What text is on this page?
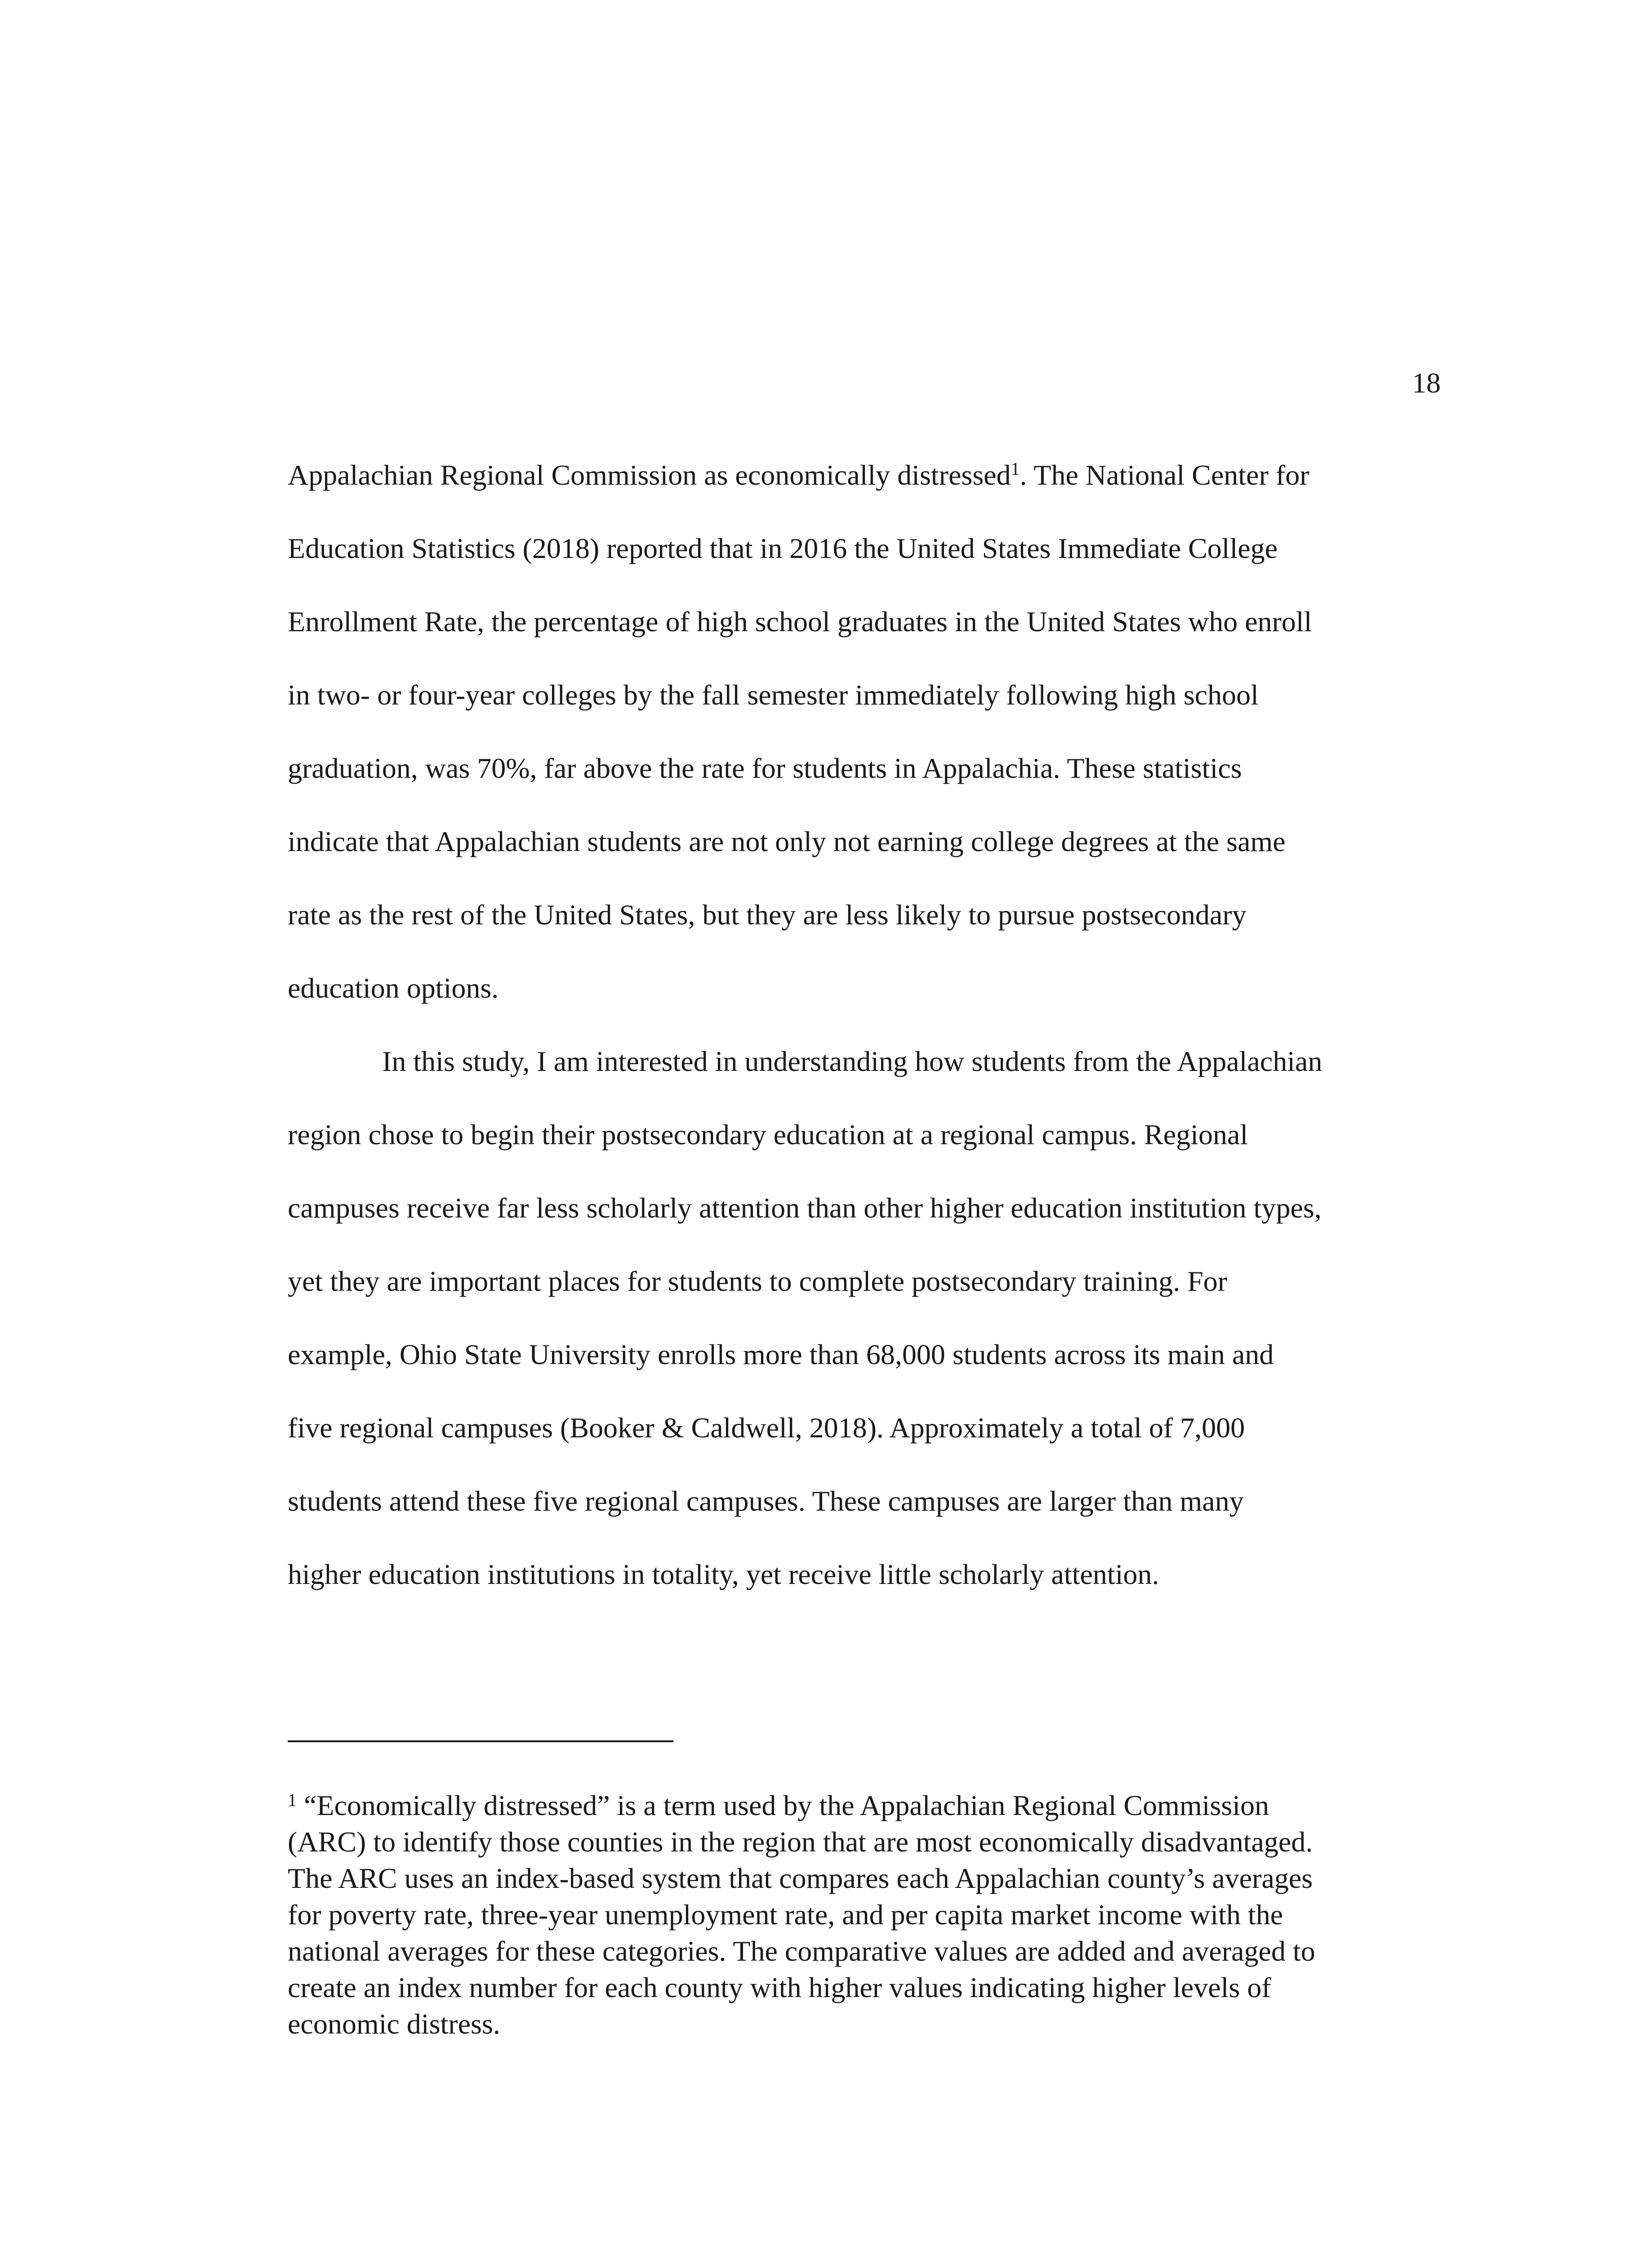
18
Appalachian Regional Commission as economically distressed$^1$. The National Center for
Education Statistics (2018) reported that in 2016 the United States Immediate College
Enrollment Rate, the percentage of high school graduates in the United States who enroll
in two- or four-year colleges by the fall semester immediately following high school
graduation, was 70%, far above the rate for students in Appalachia. These statistics
indicate that Appalachian students are not only not earning college degrees at the same
rate as the rest of the United States, but they are less likely to pursue postsecondary
education options.
In this study, I am interested in understanding how students from the Appalachian
region chose to begin their postsecondary education at a regional campus. Regional
campuses receive far less scholarly attention than other higher education institution types,
yet they are important places for students to complete postsecondary training. For
example, Ohio State University enrolls more than 68,000 students across its main and
five regional campuses (Booker & Caldwell, 2018). Approximately a total of 7,000
students attend these five regional campuses. These campuses are larger than many
higher education institutions in totality, yet receive little scholarly attention.
$^1$ “Economically distressed” is a term used by the Appalachian Regional Commission
(ARC) to identify those counties in the region that are most economically disadvantaged.
The ARC uses an index-based system that compares each Appalachian county’s averages
for poverty rate, three-year unemployment rate, and per capita market income with the
national averages for these categories. The comparative values are added and averaged to
create an index number for each county with higher values indicating higher levels of
economic distress.
